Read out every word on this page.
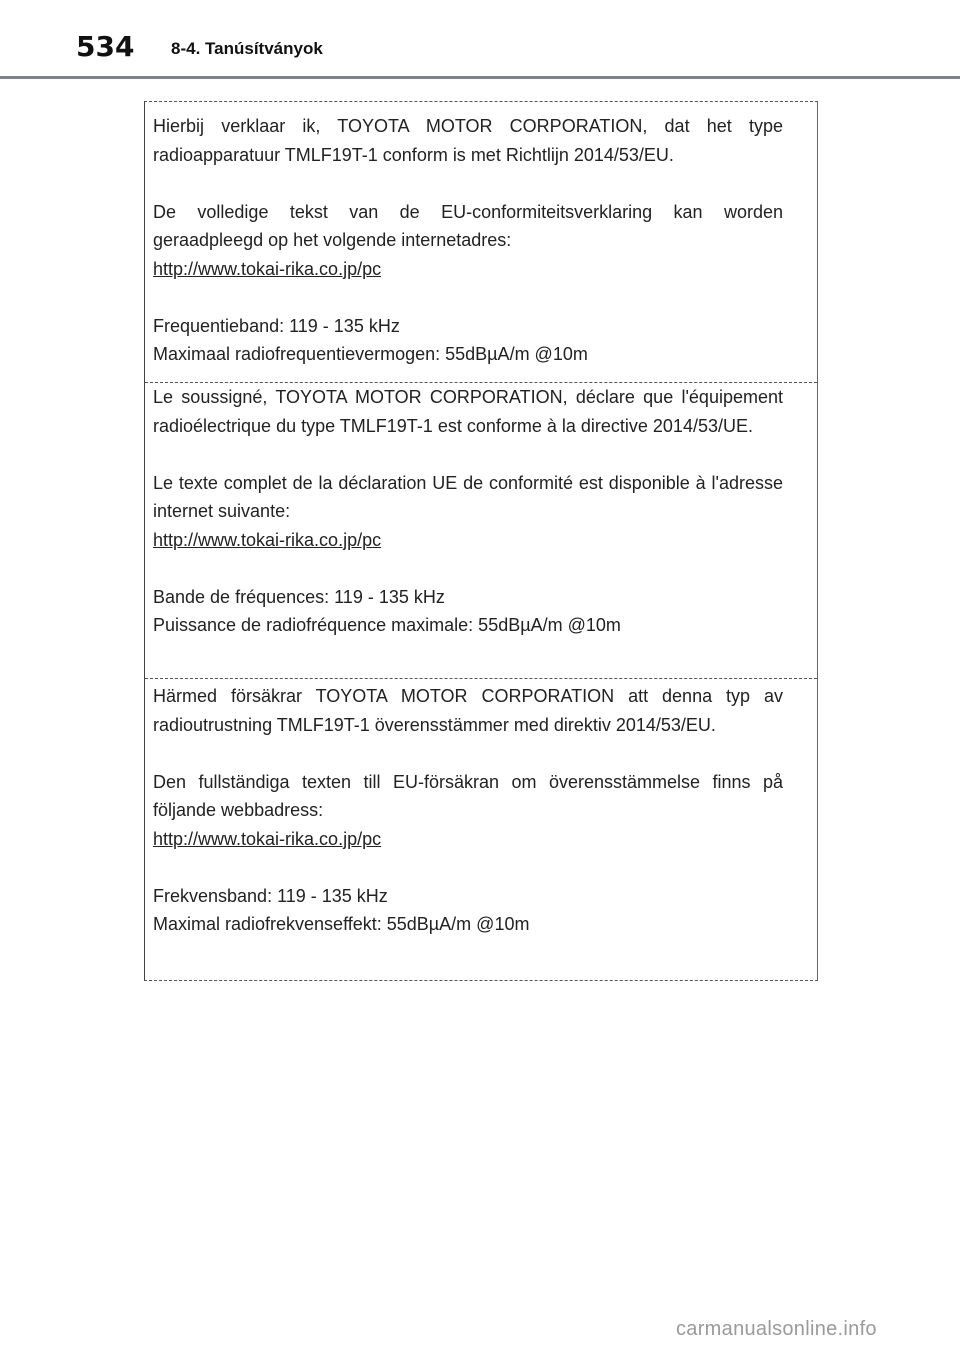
534 8-4. Tanúsítványok

Hierbij verklaar ik, TOYOTA MOTOR CORPORATION, dat het type radioapparatuur TMLF19T-1 conform is met Richtlijn 2014/53/EU.

De volledige tekst van de EU-conformiteitsverklaring kan worden geraadpleegd op het volgende internetadres:

http://www.tokai-rika.co.jp/pc

Frequentieband: 119 - 135 kHz

Maximaal radiofrequentievermogen: 55dBµA/m @10m

Le soussigné, TOYOTA MOTOR CORPORATION, déclare que l'équipement radioélectrique du type TMLF19T-1 est conforme à la directive 2014/53/UE.

Le texte complet de la déclaration UE de conformité est disponible à l'adresse internet suivante:

http://www.tokai-rika.co.jp/pc

Bande de fréquences: 119 - 135 kHz

Puissance de radiofréquence maximale: 55dBµA/m @10m

Härmed försäkrar TOYOTA MOTOR CORPORATION att denna typ av radioutrustning TMLF19T-1 överensstämmer med direktiv 2014/53/EU.

Den fullständiga texten till EU-försäkran om överensstämmelse finns på följande webbadress:

http://www.tokai-rika.co.jp/pc

Frekvensband: 119 - 135 kHz

Maximal radiofrekvenseffekt: 55dBµA/m @10m

carmanualsonline.info
